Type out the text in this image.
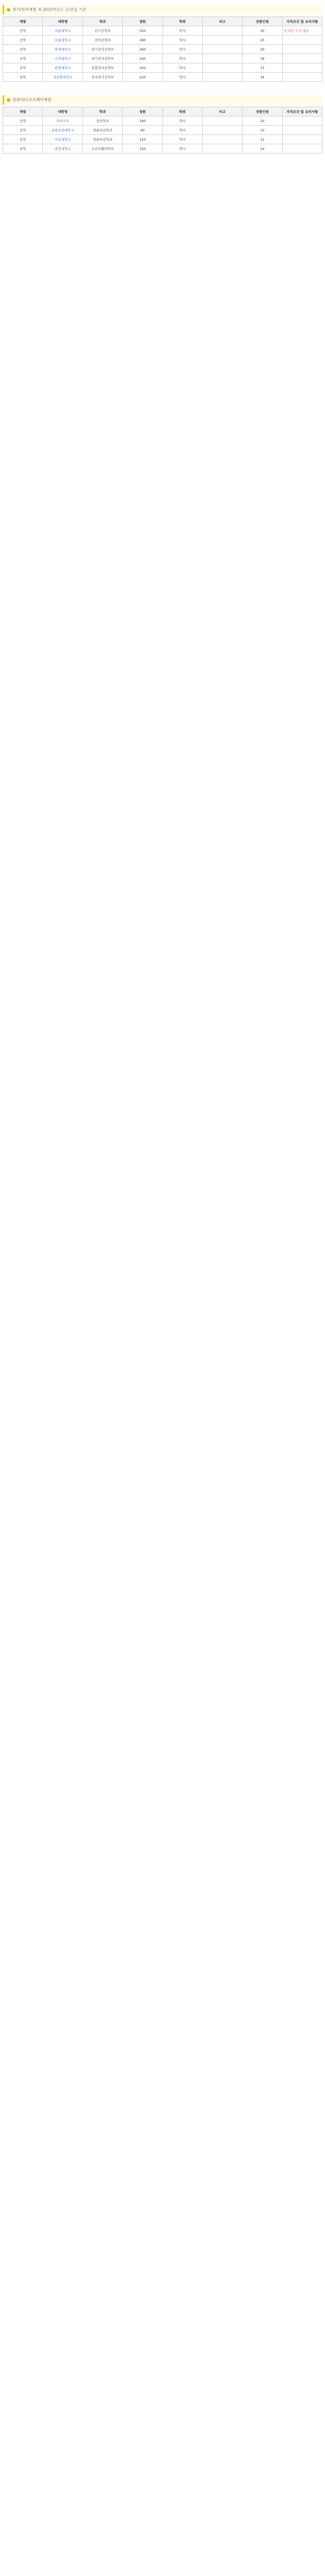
■ 전기/전자계열 ※ 2025학년도 신/편입 기준
계열	대학명	학과	정원	학위	비고	선발인원	자격조건 및 유의사항
공학	서울대학교	전기공학부	320	학사		30	전 학년 수강 필수
공학	서울대학교	전자공학부	280	학사		25	
공학	연세대학교	전기전자공학부	260	학사		20	
공학	고려대학교	전기전자공학부	240	학사		18	
공학	한양대학교	융합전자공학부	200	학사		15	
공학	성균관대학교	전자전기공학부	220	학사		16	
■ 컴퓨터/소프트웨어계열
계열	대학명	학과	정원	학위	비고	선발인원	자격조건 및 유의사항
공학	카이스트	전산학부	180	학사		20	
공학	포항공과대학교	컴퓨터공학과	90	학사		10	
공학	서강대학교	컴퓨터공학과	120	학사		12	
공학	중앙대학교	소프트웨어학부	150	학사		14	
